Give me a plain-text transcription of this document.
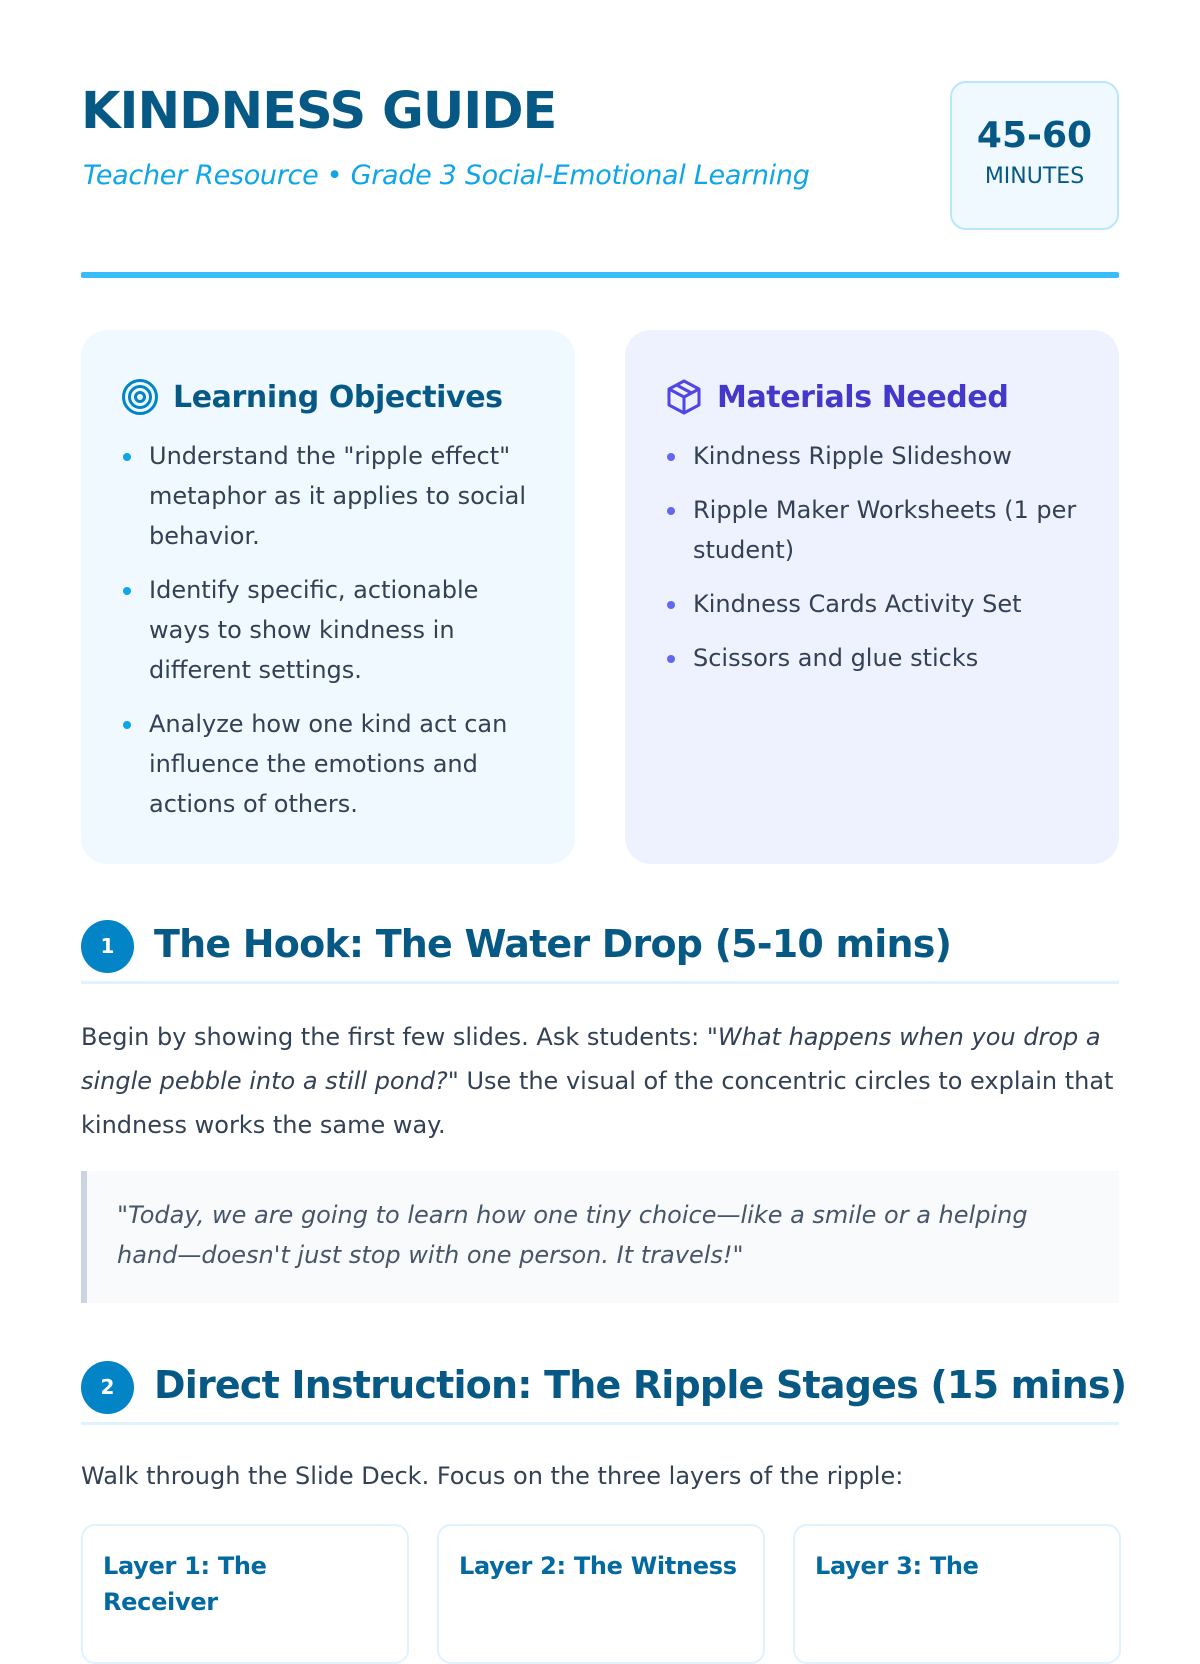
KINDNESS GUIDE
Teacher Resource • Grade 3 Social-Emotional Learning
45-60
MINUTES
Learning Objectives
Understand the "ripple effect" metaphor as it applies to social behavior.
Identify specific, actionable ways to show kindness in different settings.
Analyze how one kind act can influence the emotions and actions of others.
Materials Needed
Kindness Ripple Slideshow
Ripple Maker Worksheets (1 per student)
Kindness Cards Activity Set
Scissors and glue sticks
1	The Hook: The Water Drop (5-10 mins)

Begin by showing the first few slides. Ask students: "What happens when you drop a single pebble into a still pond?" Use the visual of the concentric circles to explain that kindness works the same way.

"Today, we are going to learn how one tiny choice—like a smile or a helping hand—doesn't just stop with one person. It travels!"
2	Direct Instruction: The Ripple Stages (15 mins)

Walk through the Slide Deck. Focus on the three layers of the ripple:

Layer 1: The Receiver
Layer 2: The Witness	Layer 3: The
